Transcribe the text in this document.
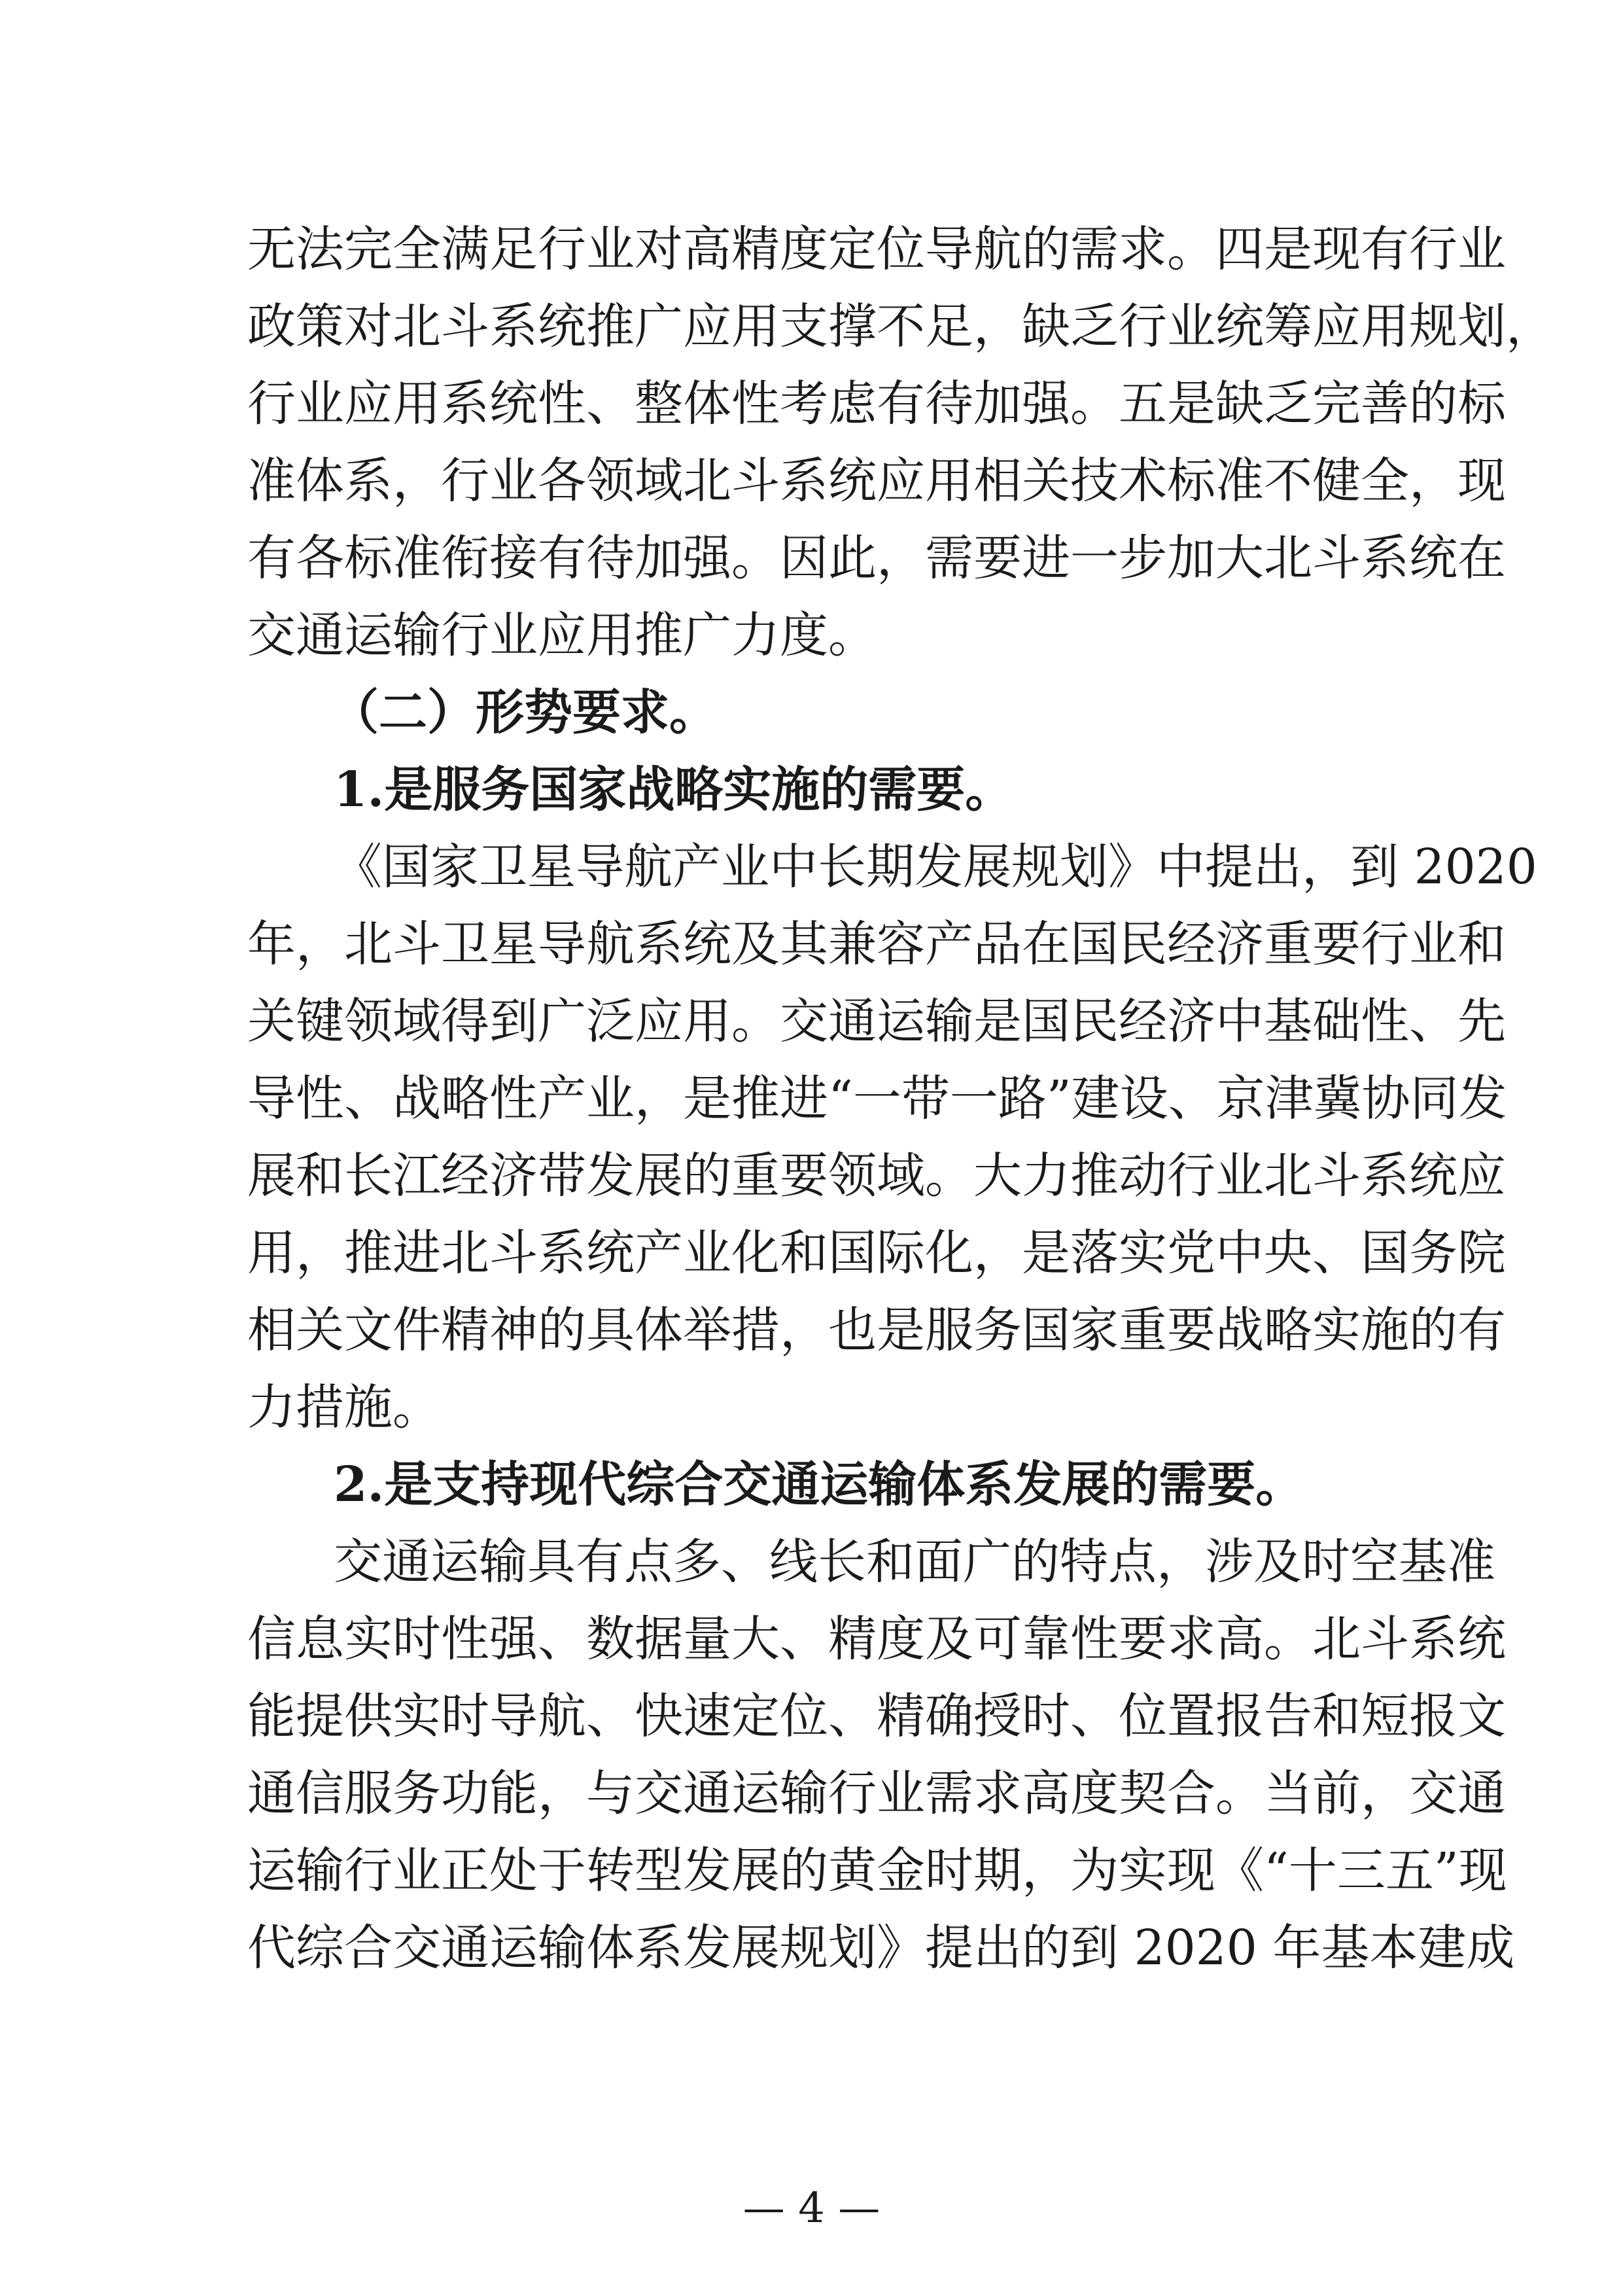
无法完全满足行业对高精度定位导航的需求。四是现有行业
政策对北斗系统推广应用支撑不足，缺乏行业统筹应用规划，
行业应用系统性、整体性考虑有待加强。五是缺乏完善的标
准体系，行业各领域北斗系统应用相关技术标准不健全，现
有各标准衔接有待加强。因此，需要进一步加大北斗系统在
交通运输行业应用推广力度。
（二）形势要求。
1.是服务国家战略实施的需要。
《国家卫星导航产业中长期发展规划》中提出，到 2020
年，北斗卫星导航系统及其兼容产品在国民经济重要行业和
关键领域得到广泛应用。交通运输是国民经济中基础性、先
导性、战略性产业，是推进“一带一路”建设、京津冀协同发
展和长江经济带发展的重要领域。大力推动行业北斗系统应
用，推进北斗系统产业化和国际化，是落实党中央、国务院
相关文件精神的具体举措，也是服务国家重要战略实施的有
力措施。
2.是支持现代综合交通运输体系发展的需要。
交通运输具有点多、线长和面广的特点，涉及时空基准
信息实时性强、数据量大、精度及可靠性要求高。北斗系统
能提供实时导航、快速定位、精确授时、位置报告和短报文
通信服务功能，与交通运输行业需求高度契合。当前，交通
运输行业正处于转型发展的黄金时期，为实现《“十三五”现
代综合交通运输体系发展规划》提出的到 2020 年基本建成
— 4 —
